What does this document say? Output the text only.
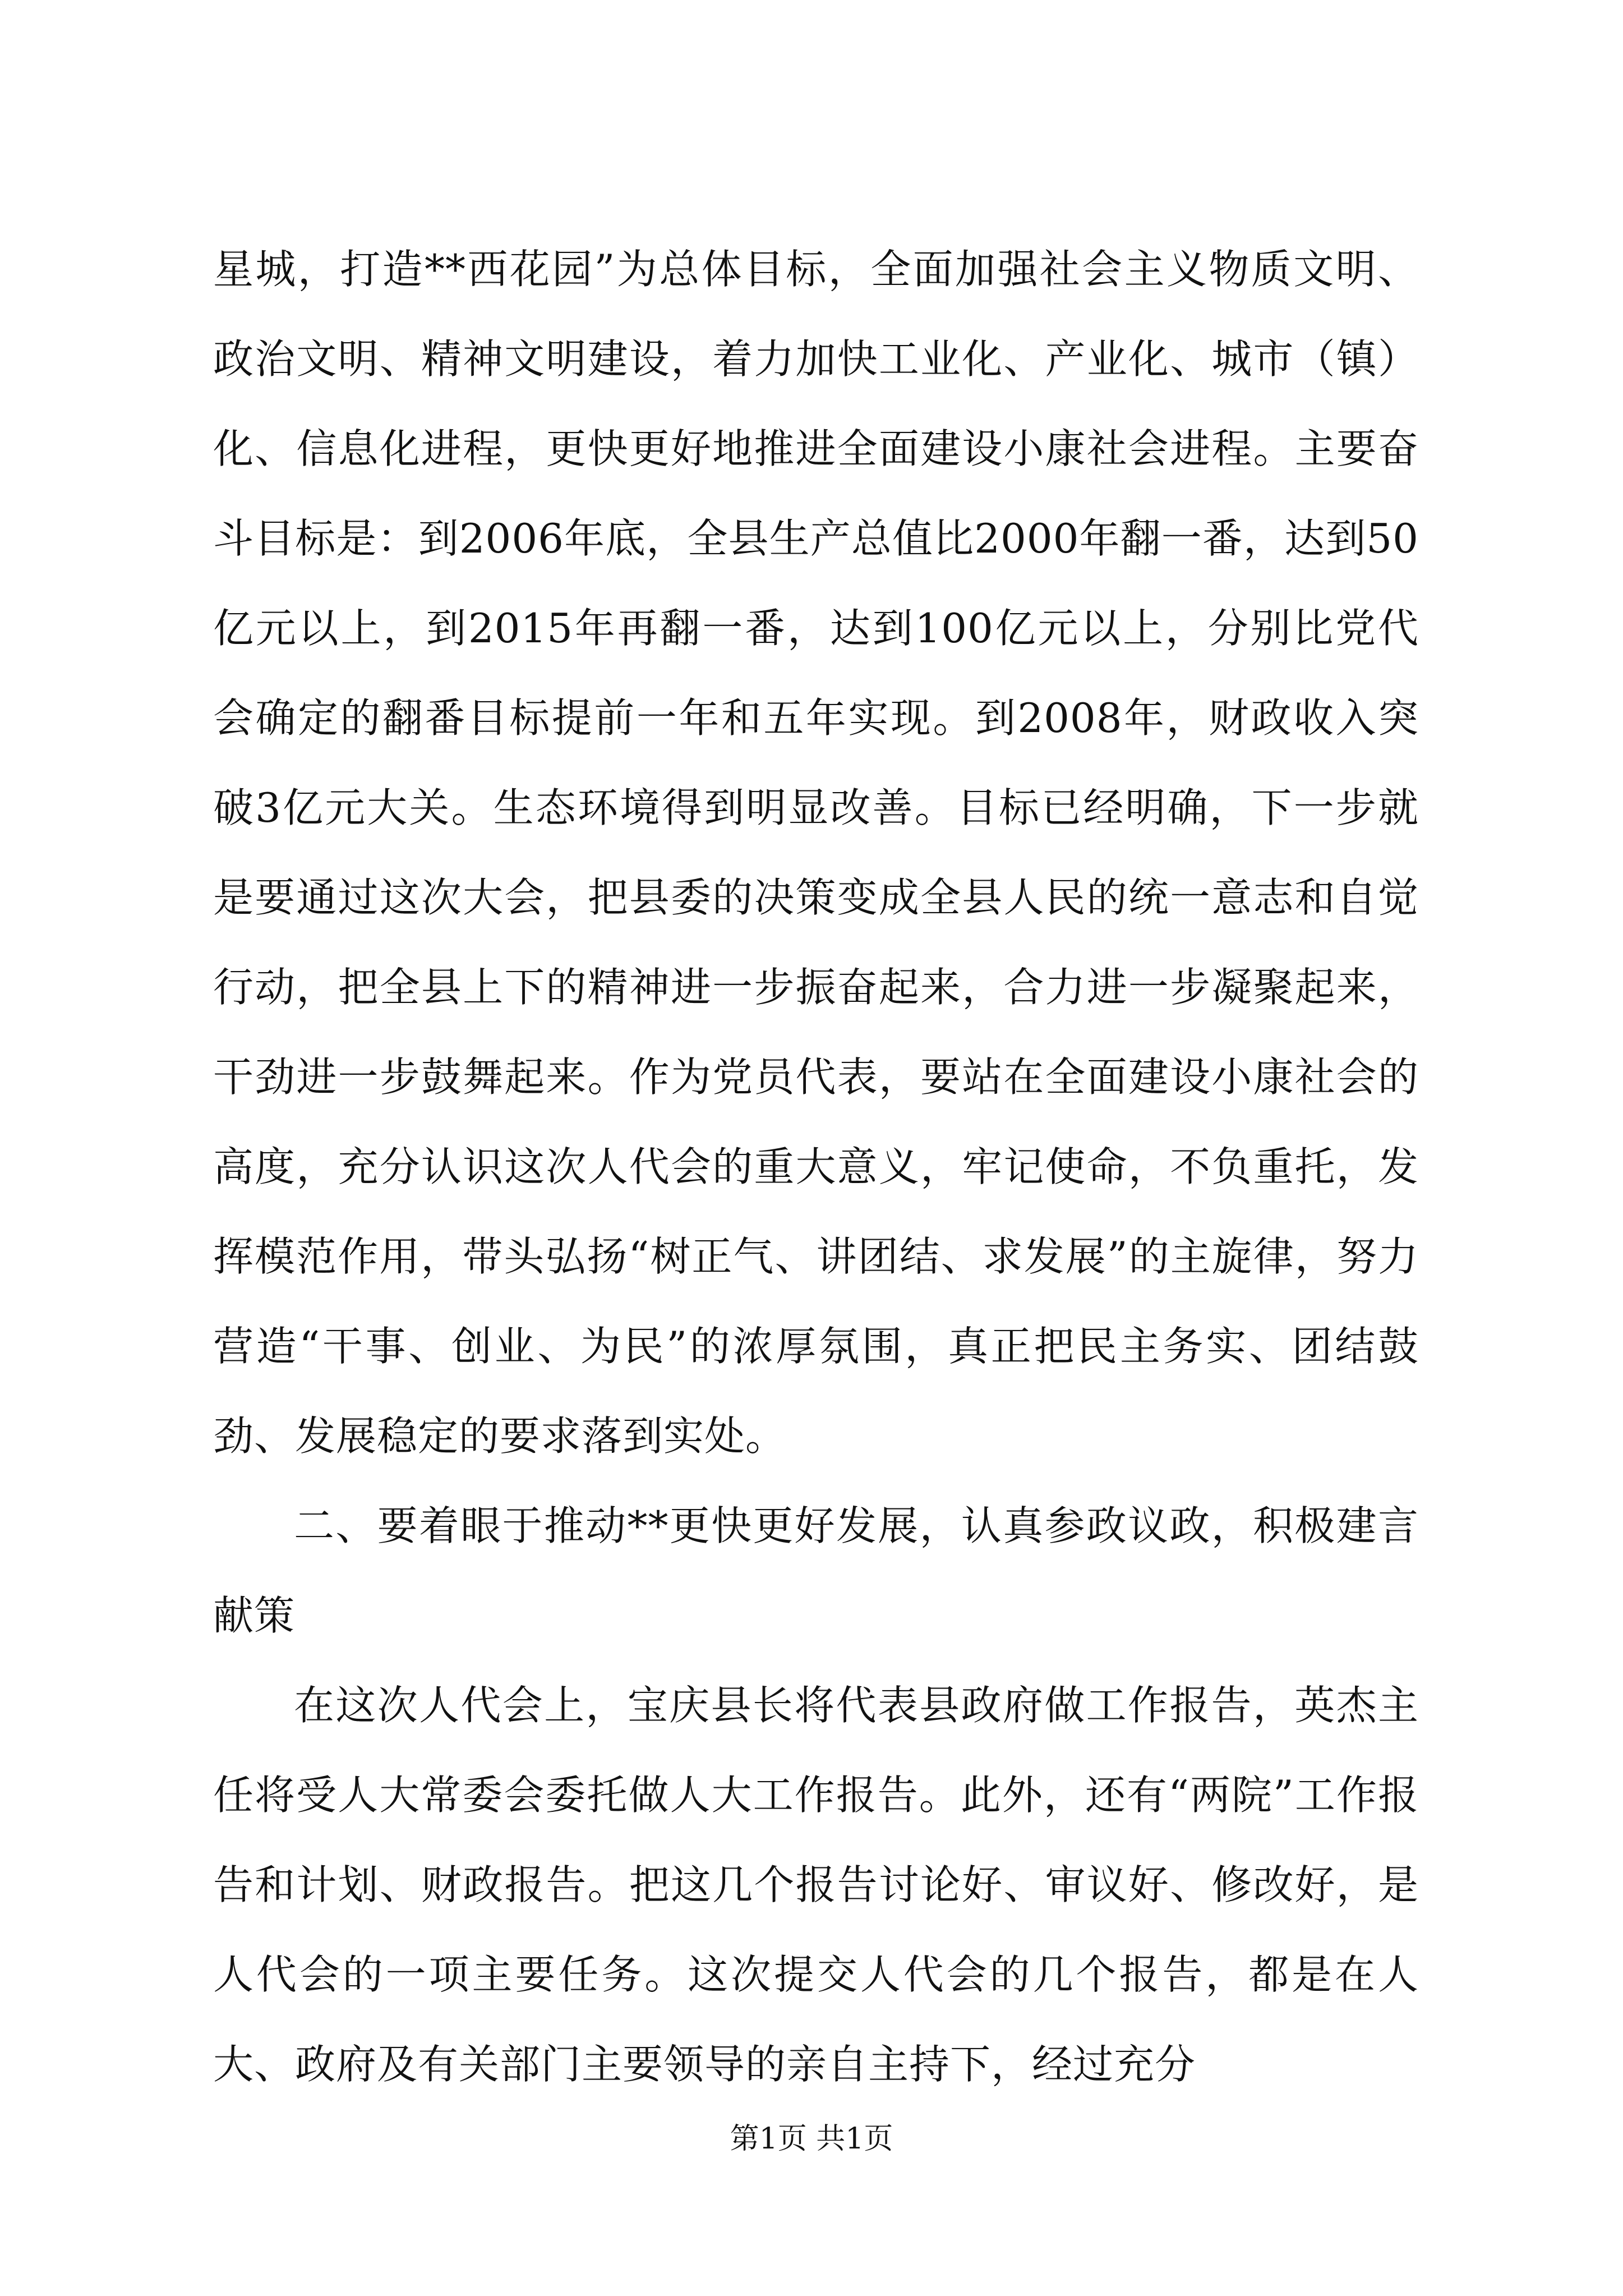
星城，打造**西花园”为总体目标，全面加强社会主义物质文明、政治文明、精神文明建设，着力加快工业化、产业化、城市（镇）化、信息化进程，更快更好地推进全面建设小康社会进程。主要奋斗目标是：到2006年底，全县生产总值比2000年翻一番，达到50亿元以上，到2015年再翻一番，达到100亿元以上，分别比党代会确定的翻番目标提前一年和五年实现。到2008年，财政收入突破3亿元大关。生态环境得到明显改善。目标已经明确，下一步就是要通过这次大会，把县委的决策变成全县人民的统一意志和自觉行动，把全县上下的精神进一步振奋起来，合力进一步凝聚起来，干劲进一步鼓舞起来。作为党员代表，要站在全面建设小康社会的高度，充分认识这次人代会的重大意义，牢记使命，不负重托，发挥模范作用，带头弘扬“树正气、讲团结、求发展”的主旋律，努力营造“干事、创业、为民”的浓厚氛围，真正把民主务实、团结鼓劲、发展稳定的要求落到实处。

二、要着眼于推动**更快更好发展，认真参政议政，积极建言献策

在这次人代会上，宝庆县长将代表县政府做工作报告，英杰主任将受人大常委会委托做人大工作报告。此外，还有“两院”工作报告和计划、财政报告。把这几个报告讨论好、审议好、修改好，是人代会的一项主要任务。这次提交人代会的几个报告，都是在人大、政府及有关部门主要领导的亲自主持下，经过充分

第1页 共1页
